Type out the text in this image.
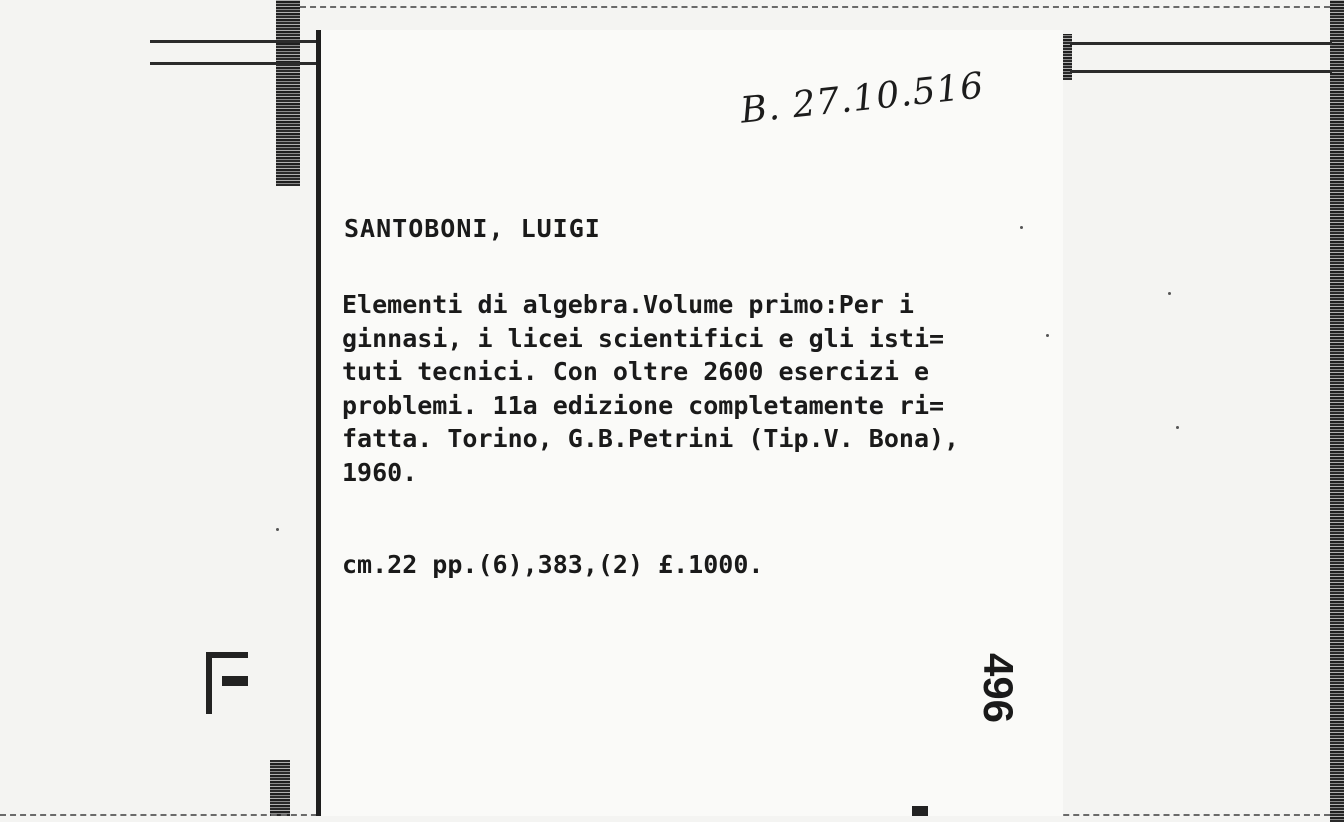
B. 27.10.516
SANTOBONI, LUIGI
Elementi di algebra.Volume primo:Per i
ginnasi, i licei scientifici e gli isti=
tuti tecnici. Con oltre 2600 esercizi e
problemi. 11a edizione completamente ri=
fatta. Torino, G.B.Petrini (Tip.V. Bona),
1960.
cm.22 pp.(6),383,(2) £.1000.
496
